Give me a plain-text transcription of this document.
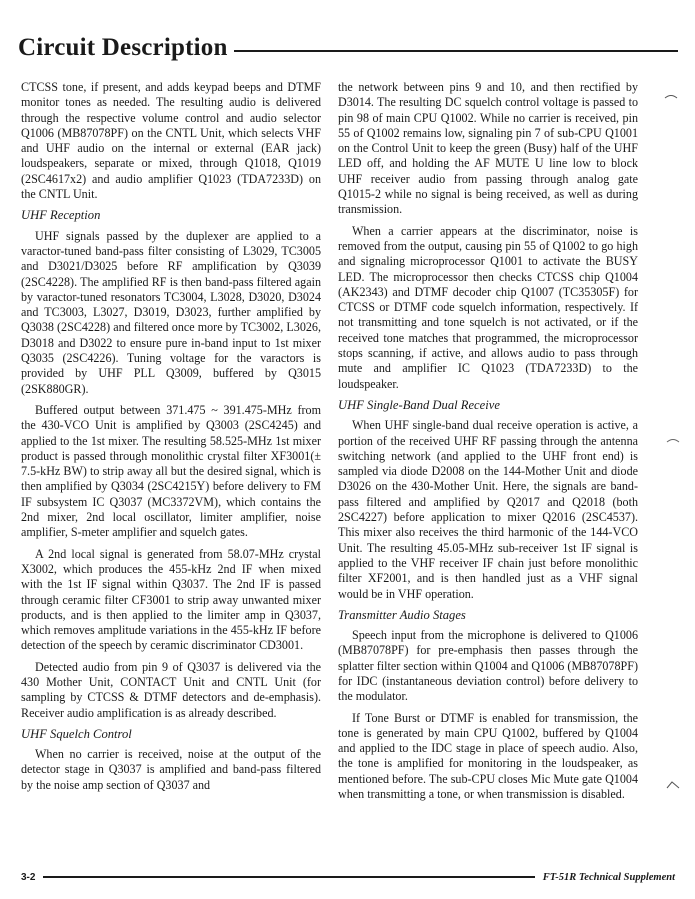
Circuit Description

CTCSS tone, if present, and adds keypad beeps and DTMF monitor tones as needed. The resulting audio is delivered through the respective volume control and audio selector Q1006 (MB87078PF) on the CNTL Unit, which selects VHF and UHF audio on the internal or external (EAR jack) loudspeakers, separate or mixed, through Q1018, Q1019 (2SC4617x2) and audio amplifier Q1023 (TDA7233D) on the CNTL Unit.

UHF Reception

UHF signals passed by the duplexer are applied to a varactor-tuned band-pass filter consisting of L3029, TC3005 and D3021/D3025 before RF amplification by Q3039 (2SC4228). The amplified RF is then band-pass filtered again by varactor-tuned resonators TC3004, L3028, D3020, D3024 and TC3003, L3027, D3019, D3023, further amplified by Q3038 (2SC4228) and filtered once more by TC3002, L3026, D3018 and D3022 to ensure pure in-band input to 1st mixer Q3035 (2SC4226). Tuning voltage for the varactors is provided by UHF PLL Q3009, buffered by Q3015 (2SK880GR).

Buffered output between 371.475 ~ 391.475-MHz from the 430-VCO Unit is amplified by Q3003 (2SC4245) and applied to the 1st mixer. The resulting 58.525-MHz 1st mixer product is passed through monolithic crystal filter XF3001(± 7.5-kHz BW) to strip away all but the desired signal, which is then amplified by Q3034 (2SC4215Y) before delivery to FM IF subsystem IC Q3037 (MC3372VM), which contains the 2nd mixer, 2nd local oscillator, limiter amplifier, noise amplifier, S-meter amplifier and squelch gates.

A 2nd local signal is generated from 58.07-MHz crystal X3002, which produces the 455-kHz 2nd IF when mixed with the 1st IF signal within Q3037. The 2nd IF is passed through ceramic filter CF3001 to strip away unwanted mixer products, and is then applied to the limiter amp in Q3037, which removes amplitude variations in the 455-kHz IF before detection of the speech by ceramic discriminator CD3001.

Detected audio from pin 9 of Q3037 is delivered via the 430 Mother Unit, CONTACT Unit and CNTL Unit (for sampling by CTCSS & DTMF detectors and de-emphasis). Receiver audio amplification is as already described.

UHF Squelch Control

When no carrier is received, noise at the output of the detector stage in Q3037 is amplified and band-pass filtered by the noise amp section of Q3037 and

the network between pins 9 and 10, and then rectified by D3014. The resulting DC squelch control voltage is passed to pin 98 of main CPU Q1002. While no carrier is received, pin 55 of Q1002 remains low, signaling pin 7 of sub-CPU Q1001 on the Control Unit to keep the green (Busy) half of the UHF LED off, and holding the AF MUTE U line low to block UHF receiver audio from passing through analog gate Q1015-2 while no signal is being received, as well as during transmission.

When a carrier appears at the discriminator, noise is removed from the output, causing pin 55 of Q1002 to go high and signaling microprocessor Q1001 to activate the BUSY LED. The microprocessor then checks CTCSS chip Q1004 (AK2343) and DTMF decoder chip Q1007 (TC35305F) for CTCSS or DTMF code squelch information, respectively. If not transmitting and tone squelch is not activated, or if the received tone matches that programmed, the microprocessor stops scanning, if active, and allows audio to pass through mute and amplifier IC Q1023 (TDA7233D) to the loudspeaker.

UHF Single-Band Dual Receive

When UHF single-band dual receive operation is active, a portion of the received UHF RF passing through the antenna switching network (and applied to the UHF front end) is sampled via diode D2008 on the 144-Mother Unit and diode D3026 on the 430-Mother Unit. Here, the signals are band-pass filtered and amplified by Q2017 and Q2018 (both 2SC4227) before application to mixer Q2016 (2SC4537). This mixer also receives the third harmonic of the 144-VCO Unit. The resulting 45.05-MHz sub-receiver 1st IF signal is applied to the VHF receiver IF chain just before monolithic filter XF2001, and is then handled just as a VHF signal would be in VHF operation.

Transmitter Audio Stages

Speech input from the microphone is delivered to Q1006 (MB87078PF) for pre-emphasis then passes through the splatter filter section within Q1004 and Q1006 (MB87078PF) for IDC (instantaneous deviation control) before delivery to the modulator.

If Tone Burst or DTMF is enabled for transmission, the tone is generated by main CPU Q1002, buffered by Q1004 and applied to the IDC stage in place of speech audio. Also, the tone is amplified for monitoring in the loudspeaker, as mentioned before. The sub-CPU closes Mic Mute gate Q1004 when transmitting a tone, or when transmission is disabled.

3-2	FT-51R Technical Supplement
